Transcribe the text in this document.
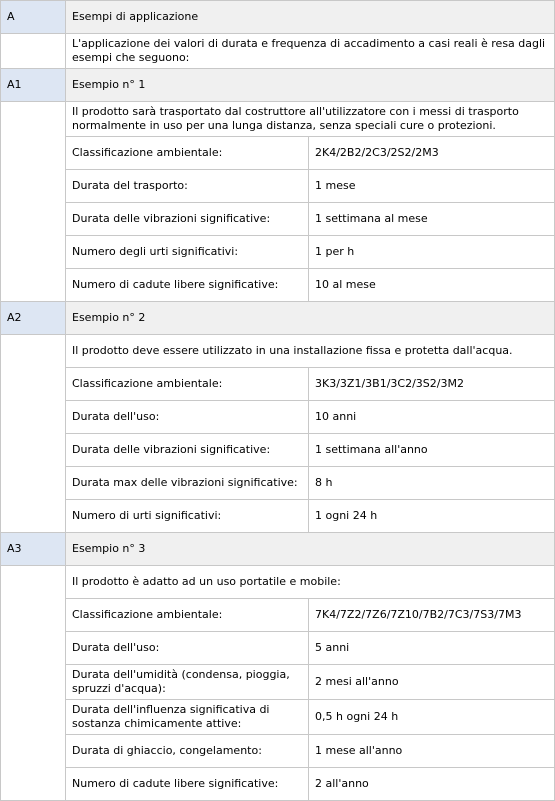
A	Esempi di applicazione	
	L'applicazione dei valori di durata e frequenza di accadimento a casi reali è resa dagli esempi che seguono:	
A1	Esempio n° 1	
	Il prodotto sarà trasportato dal costruttore all'utilizzatore con i messi di trasporto normalmente in uso per una lunga distanza, senza speciali cure o protezioni.	
	Classificazione ambientale:	2K4/2B2/2C3/2S2/2M3
	Durata del trasporto:	1 mese
	Durata delle vibrazioni significative:	1 settimana al mese
	Numero degli urti significativi:	1 per h
	Numero di cadute libere significative:	10 al mese
A2	Esempio n° 2	
	Il prodotto deve essere utilizzato in una installazione fissa e protetta dall'acqua.	
	Classificazione ambientale:	3K3/3Z1/3B1/3C2/3S2/3M2
	Durata dell'uso:	10 anni
	Durata delle vibrazioni significative:	1 settimana all'anno
	Durata max delle vibrazioni significative:	8 h
	Numero di urti significativi:	1 ogni 24 h
A3	Esempio n° 3	
	Il prodotto è adatto ad un uso portatile e mobile:	
	Classificazione ambientale:	7K4/7Z2/7Z6/7Z10/7B2/7C3/7S3/7M3
	Durata dell'uso:	5 anni
	Durata dell'umidità (condensa, pioggia, spruzzi d'acqua):	2 mesi all'anno
	Durata dell'influenza significativa di sostanza chimicamente attive:	0,5 h ogni 24 h
	Durata di ghiaccio, congelamento:	1 mese all'anno
	Numero di cadute libere significative:	2 all'anno
